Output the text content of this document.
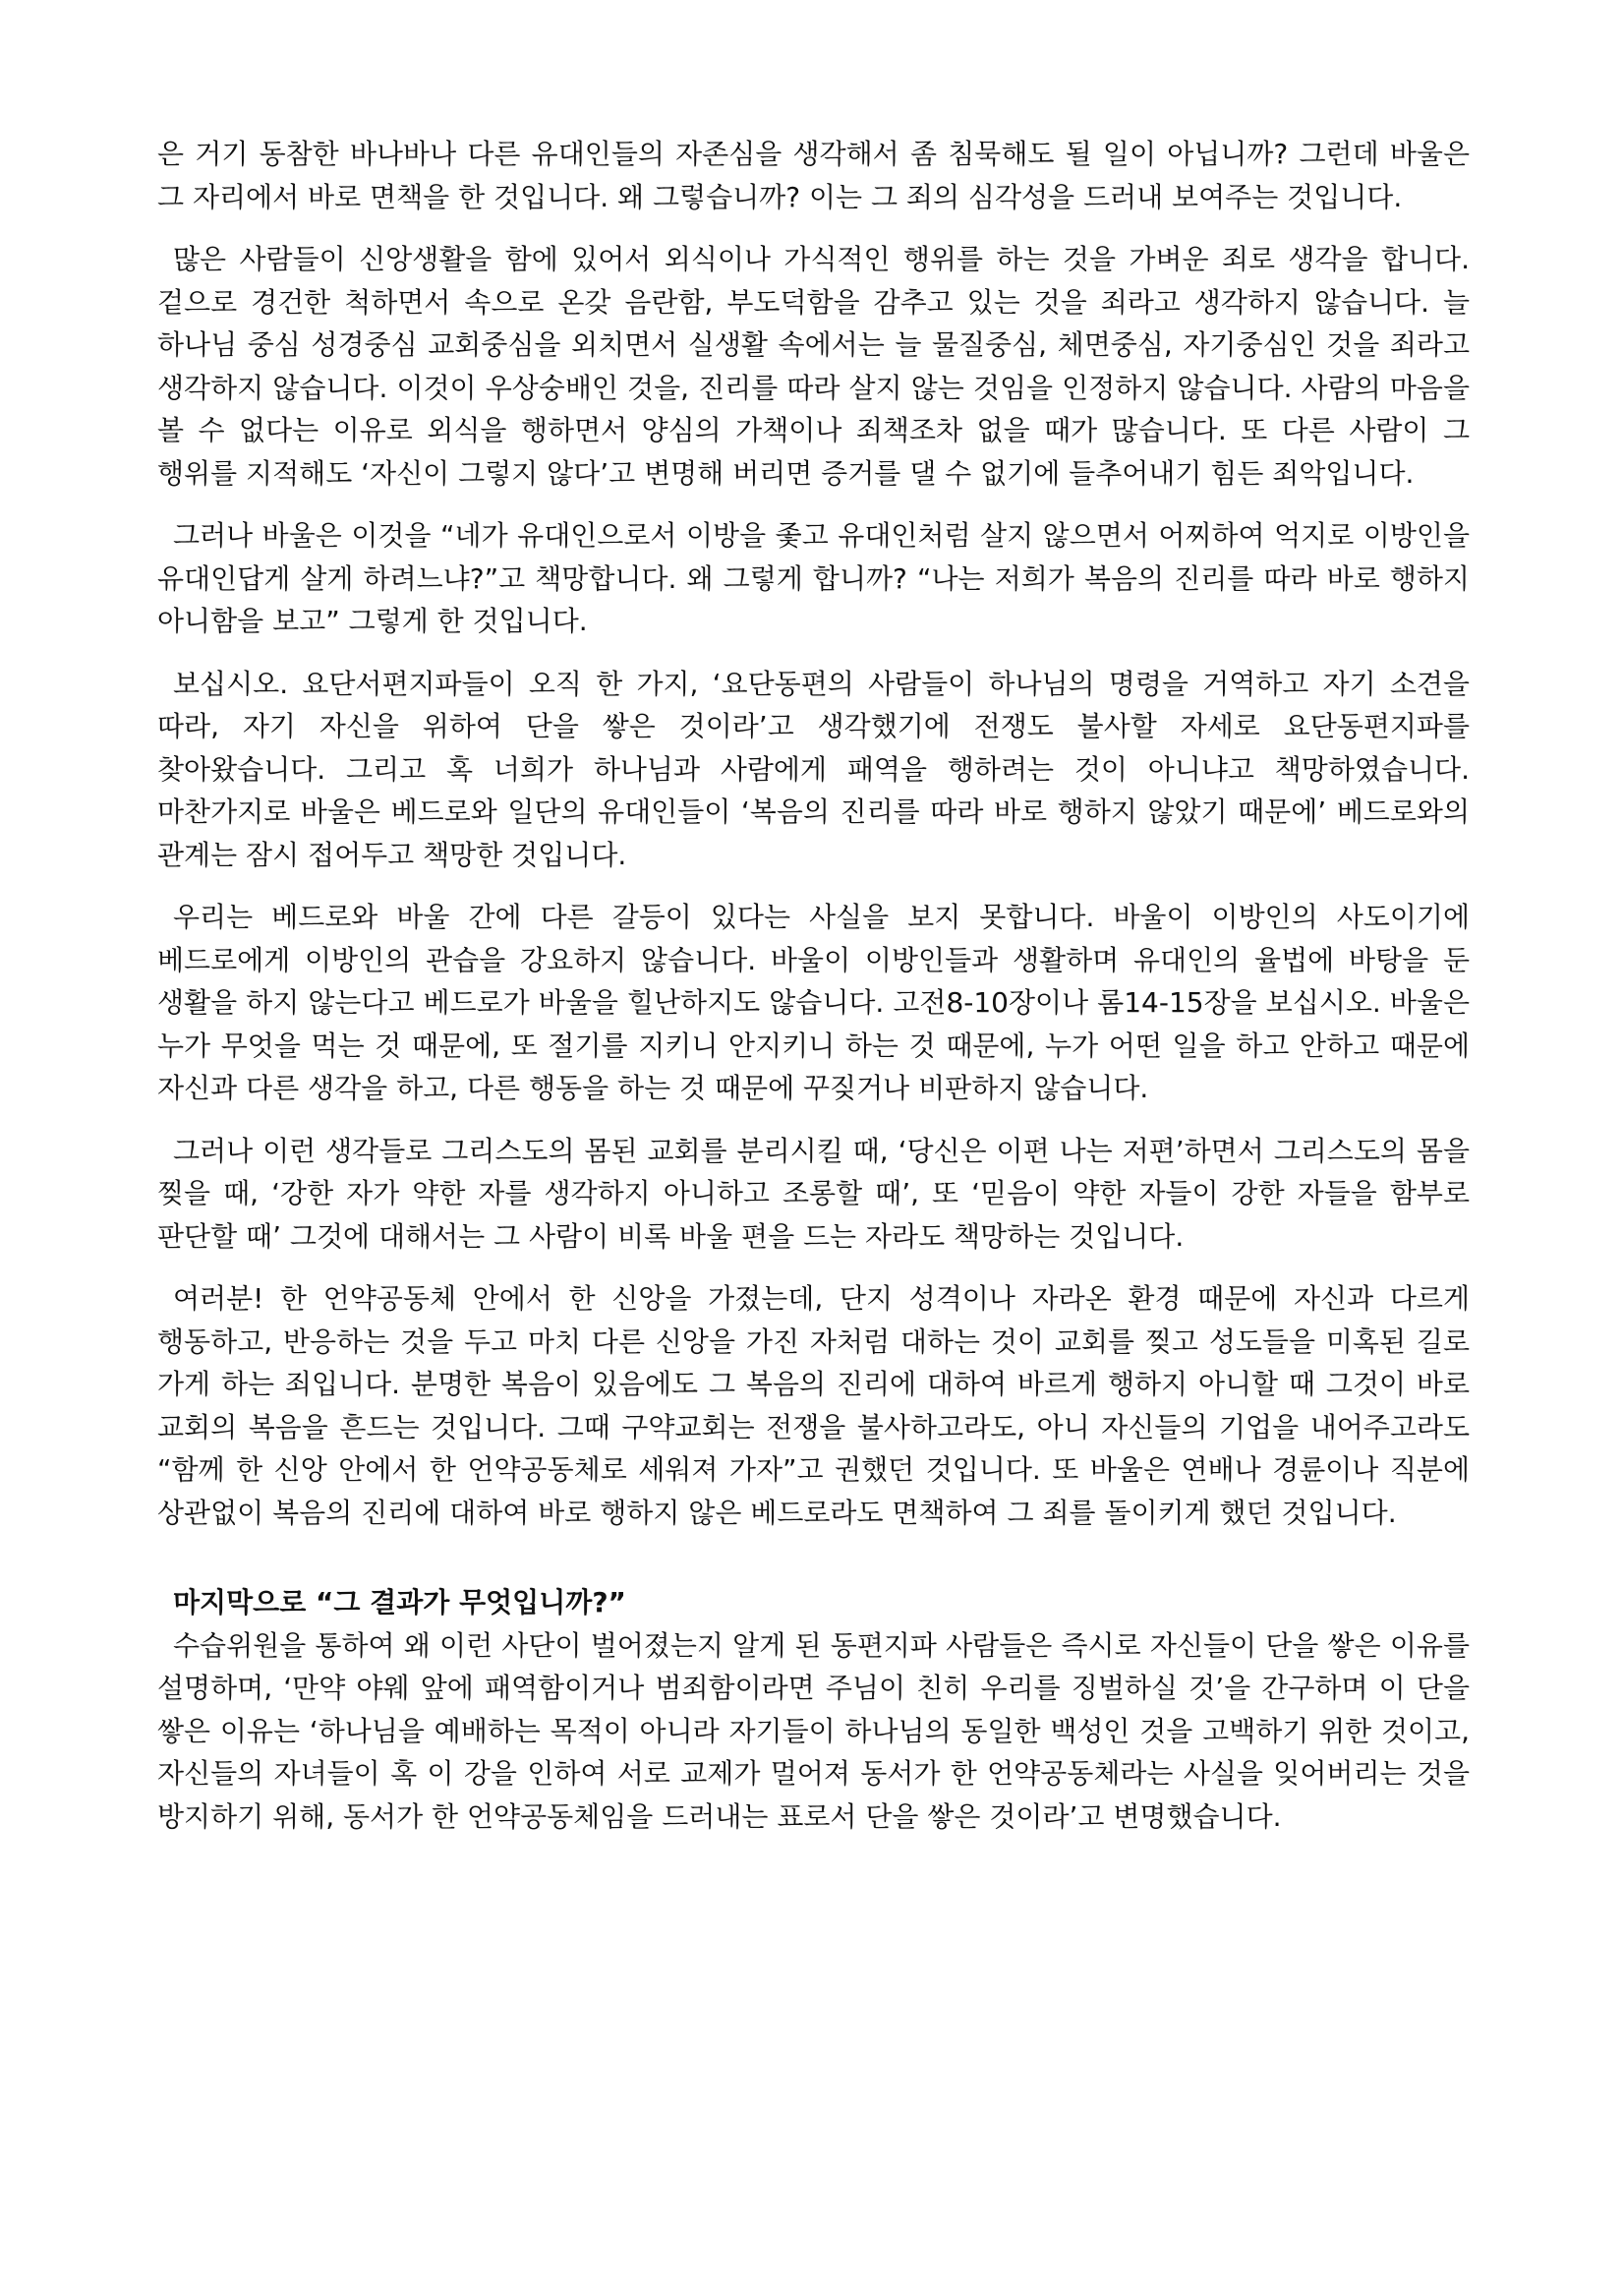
은 거기 동참한 바나바나 다른 유대인들의 자존심을 생각해서 좀 침묵해도 될 일이 아닙니까? 그런데 바울은 그 자리에서 바로 면책을 한 것입니다. 왜 그렇습니까? 이는 그 죄의 심각성을 드러내 보여주는 것입니다.

많은 사람들이 신앙생활을 함에 있어서 외식이나 가식적인 행위를 하는 것을 가벼운 죄로 생각을 합니다. 겉으로 경건한 척하면서 속으로 온갖 음란함, 부도덕함을 감추고 있는 것을 죄라고 생각하지 않습니다. 늘 하나님 중심 성경중심 교회중심을 외치면서 실생활 속에서는 늘 물질중심, 체면중심, 자기중심인 것을 죄라고 생각하지 않습니다. 이것이 우상숭배인 것을, 진리를 따라 살지 않는 것임을 인정하지 않습니다. 사람의 마음을 볼 수 없다는 이유로 외식을 행하면서 양심의 가책이나 죄책조차 없을 때가 많습니다. 또 다른 사람이 그 행위를 지적해도 ‘자신이 그렇지 않다’고 변명해 버리면 증거를 댈 수 없기에 들추어내기 힘든 죄악입니다.

그러나 바울은 이것을 “네가 유대인으로서 이방을 좇고 유대인처럼 살지 않으면서 어찌하여 억지로 이방인을 유대인답게 살게 하려느냐?”고 책망합니다. 왜 그렇게 합니까? “나는 저희가 복음의 진리를 따라 바로 행하지 아니함을 보고” 그렇게 한 것입니다.

보십시오. 요단서편지파들이 오직 한 가지, ‘요단동편의 사람들이 하나님의 명령을 거역하고 자기 소견을 따라, 자기 자신을 위하여 단을 쌓은 것이라’고 생각했기에 전쟁도 불사할 자세로 요단동편지파를 찾아왔습니다. 그리고 혹 너희가 하나님과 사람에게 패역을 행하려는 것이 아니냐고 책망하였습니다. 마찬가지로 바울은 베드로와 일단의 유대인들이 ‘복음의 진리를 따라 바로 행하지 않았기 때문에’ 베드로와의 관계는 잠시 접어두고 책망한 것입니다.

우리는 베드로와 바울 간에 다른 갈등이 있다는 사실을 보지 못합니다. 바울이 이방인의 사도이기에 베드로에게 이방인의 관습을 강요하지 않습니다. 바울이 이방인들과 생활하며 유대인의 율법에 바탕을 둔 생활을 하지 않는다고 베드로가 바울을 힐난하지도 않습니다. 고전8-10장이나 롬14-15장을 보십시오. 바울은 누가 무엇을 먹는 것 때문에, 또 절기를 지키니 안지키니 하는 것 때문에, 누가 어떤 일을 하고 안하고 때문에 자신과 다른 생각을 하고, 다른 행동을 하는 것 때문에 꾸짖거나 비판하지 않습니다.

그러나 이런 생각들로 그리스도의 몸된 교회를 분리시킬 때, ‘당신은 이편 나는 저편’하면서 그리스도의 몸을 찢을 때, ‘강한 자가 약한 자를 생각하지 아니하고 조롱할 때’, 또 ‘믿음이 약한 자들이 강한 자들을 함부로 판단할 때’ 그것에 대해서는 그 사람이 비록 바울 편을 드는 자라도 책망하는 것입니다.

여러분! 한 언약공동체 안에서 한 신앙을 가졌는데, 단지 성격이나 자라온 환경 때문에 자신과 다르게 행동하고, 반응하는 것을 두고 마치 다른 신앙을 가진 자처럼 대하는 것이 교회를 찢고 성도들을 미혹된 길로 가게 하는 죄입니다. 분명한 복음이 있음에도 그 복음의 진리에 대하여 바르게 행하지 아니할 때 그것이 바로 교회의 복음을 흔드는 것입니다. 그때 구약교회는 전쟁을 불사하고라도, 아니 자신들의 기업을 내어주고라도 “함께 한 신앙 안에서 한 언약공동체로 세워져 가자”고 권했던 것입니다. 또 바울은 연배나 경륜이나 직분에 상관없이 복음의 진리에 대하여 바로 행하지 않은 베드로라도 면책하여 그 죄를 돌이키게 했던 것입니다.

마지막으로 “그 결과가 무엇입니까?”

수습위원을 통하여 왜 이런 사단이 벌어졌는지 알게 된 동편지파 사람들은 즉시로 자신들이 단을 쌓은 이유를 설명하며, ‘만약 야웨 앞에 패역함이거나 범죄함이라면 주님이 친히 우리를 징벌하실 것’을 간구하며 이 단을 쌓은 이유는 ‘하나님을 예배하는 목적이 아니라 자기들이 하나님의 동일한 백성인 것을 고백하기 위한 것이고, 자신들의 자녀들이 혹 이 강을 인하여 서로 교제가 멀어져 동서가 한 언약공동체라는 사실을 잊어버리는 것을 방지하기 위해, 동서가 한 언약공동체임을 드러내는 표로서 단을 쌓은 것이라’고 변명했습니다.
